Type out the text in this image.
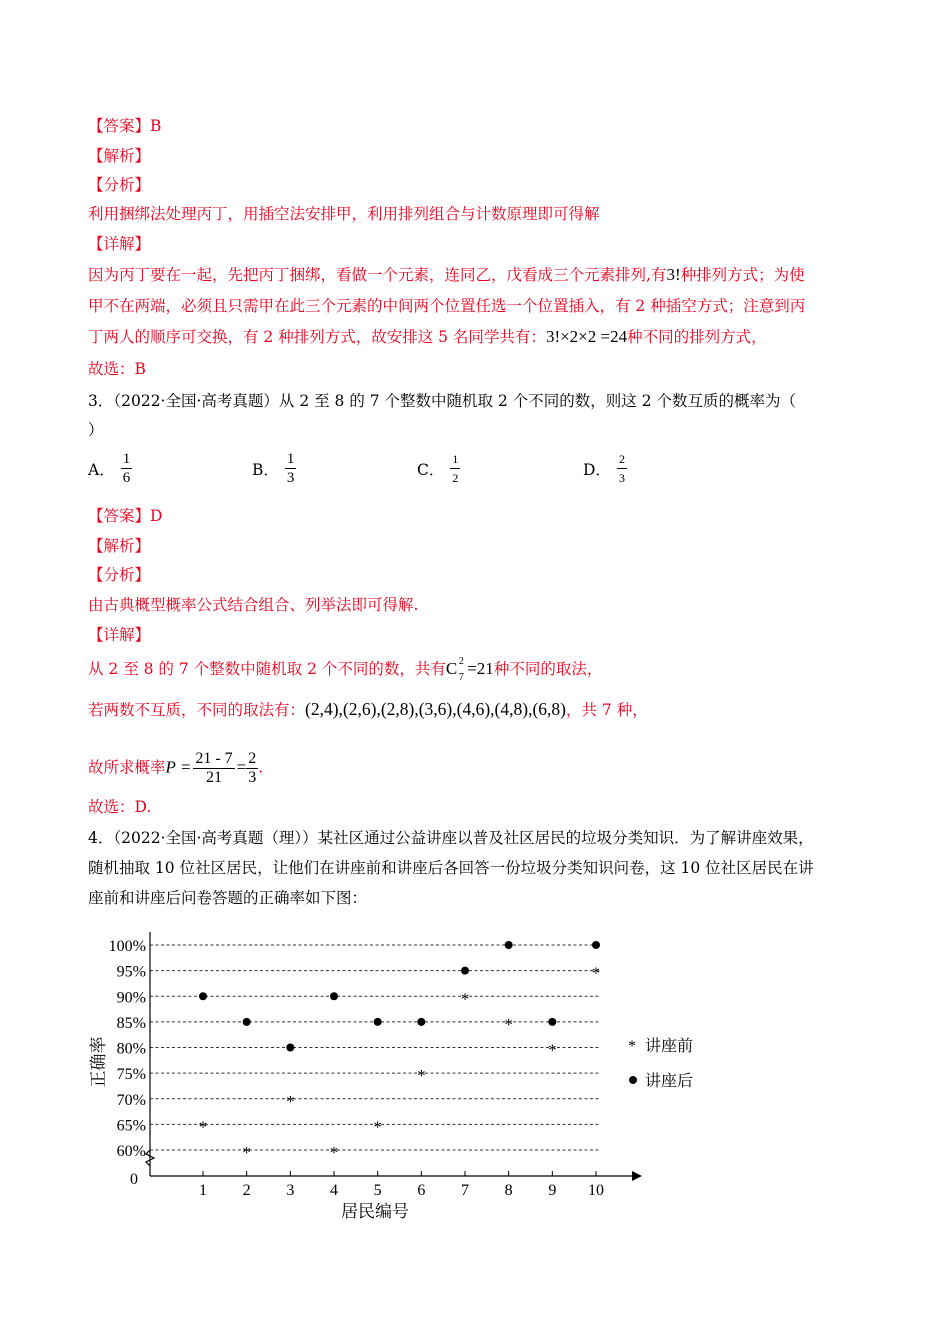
【答案】B
【解析】
【分析】
利用捆绑法处理丙丁，用插空法安排甲，利用排列组合与计数原理即可得解
【详解】
因为丙丁要在一起，先把丙丁捆绑，看做一个元素，连同乙，戊看成三个元素排列,有3!种排列方式；为使
甲不在两端，必须且只需甲在此三个元素的中间两个位置任选一个位置插入，有 2 种插空方式；注意到丙
丁两人的顺序可交换，有 2 种排列方式，故安排这 5 名同学共有：3!×2×2 =24种不同的排列方式，
故选：B
3．（2022·全国·高考真题）从 2 至 8 的 7 个整数中随机取 2 个不同的数，则这 2 个数互质的概率为（
）
A． $\frac{1}{6}$	B． $\frac{1}{3}$	C． $\frac{1}{2}$	D． $\frac{2}{3}$
【答案】D
【解析】
【分析】
由古典概型概率公式结合组合、列举法即可得解.
【详解】
从 2 至 8 的 7 个整数中随机取 2 个不同的数，共有C 2
7 =21种不同的取法，
若两数不互质，不同的取法有：(2,4),(2,6),(2,8),(3,6),(4,6),(4,8),(6,8)，共 7 种，
故所求概率$P = \frac{21 - 7}{21} = \frac{2}{3}$ .
故选：D.
4．（2022·全国·高考真题（理））某社区通过公益讲座以普及社区居民的垃圾分类知识．为了解讲座效果，
随机抽取 10 位社区居民，让他们在讲座前和讲座后各回答一份垃圾分类知识问卷，这 10 位社区居民在讲
座前和讲座后问卷答题的正确率如下图：
1 2 3 4 5 6 7 8 9 10
60%
65%
70%
75%
80%
85%
90%
95%
100%
0
*
*
*
*
*
*
*
*
*
*
正确率
居民编号
* 讲座前
讲座后
